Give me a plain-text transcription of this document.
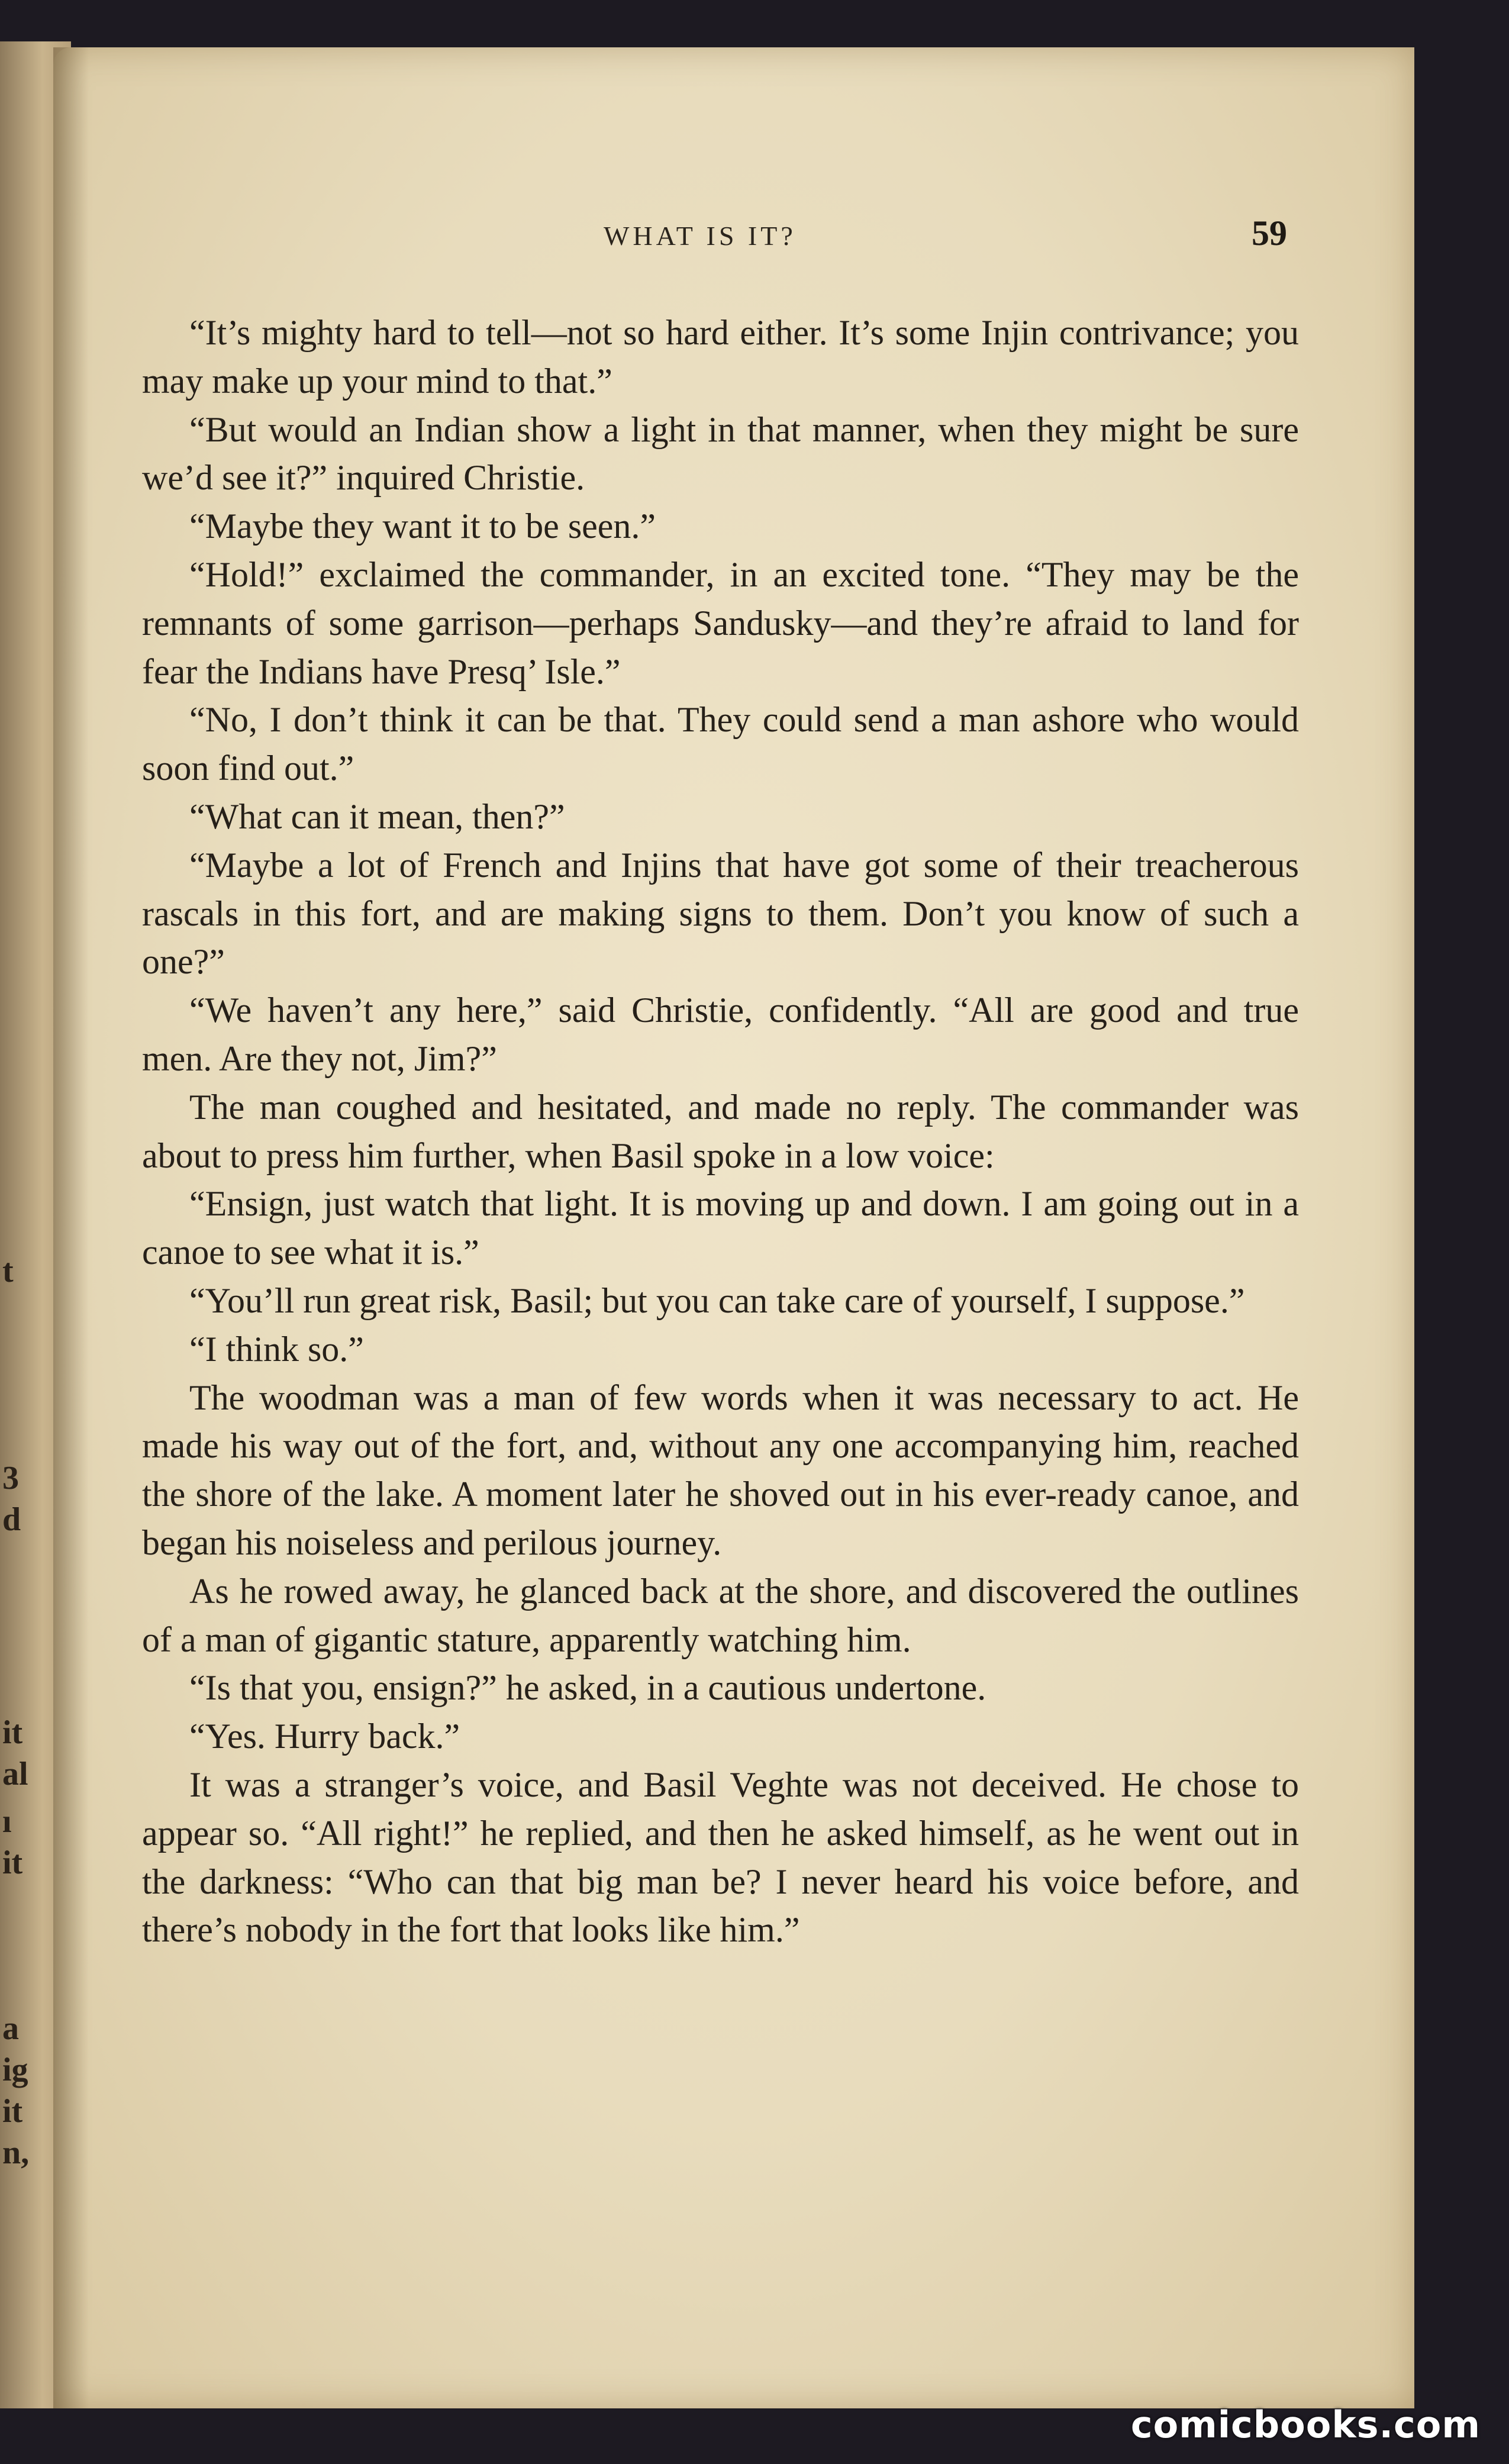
t
3
d
it
al
ı
it
a
ig
it
n,
WHAT IS IT?	59

“It’s mighty hard to tell—not so hard either. It’s some Injin contrivance; you may make up your mind to that.”

“But would an Indian show a light in that manner, when they might be sure we’d see it?” inquired Christie.

“Maybe they want it to be seen.”

“Hold!” exclaimed the commander, in an excited tone. “They may be the remnants of some garrison—perhaps Sandusky—and they’re afraid to land for fear the Indians have Presq’ Isle.”

“No, I don’t think it can be that. They could send a man ashore who would soon find out.”

“What can it mean, then?”

“Maybe a lot of French and Injins that have got some of their treacherous rascals in this fort, and are making signs to them. Don’t you know of such a one?”

“We haven’t any here,” said Christie, confidently. “All are good and true men. Are they not, Jim?”

The man coughed and hesitated, and made no reply. The commander was about to press him further, when Basil spoke in a low voice:

“Ensign, just watch that light. It is moving up and down. I am going out in a canoe to see what it is.”

“You’ll run great risk, Basil; but you can take care of yourself, I suppose.”

“I think so.”

The woodman was a man of few words when it was necessary to act. He made his way out of the fort, and, without any one accompanying him, reached the shore of the lake. A moment later he shoved out in his ever-ready canoe, and began his noiseless and perilous journey.

As he rowed away, he glanced back at the shore, and discovered the outlines of a man of gigantic stature, apparently watching him.

“Is that you, ensign?” he asked, in a cautious undertone.

“Yes. Hurry back.”

It was a stranger’s voice, and Basil Veghte was not deceived. He chose to appear so. “All right!” he replied, and then he asked himself, as he went out in the darkness: “Who can that big man be? I never heard his voice before, and there’s nobody in the fort that looks like him.”

comicbooks.com
